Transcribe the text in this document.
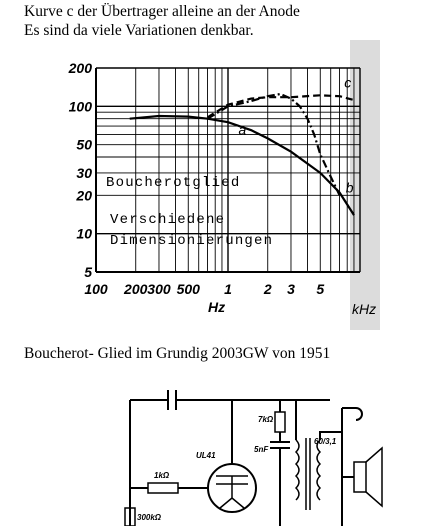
Kurve c der Übertrager alleine an der Anode
Es sind da viele Variationen denkbar.
200
100
50
30
20
10
5
100 200 300 500 1 2 3 5
a
b
c
Hz	kHz
Boucherotglied
Verschiedene
Dimensionierungen
Boucherot- Glied im Grundig 2003GW von 1951
UL41
1kΩ
300kΩ
7kΩ
5nF
60/3,1
